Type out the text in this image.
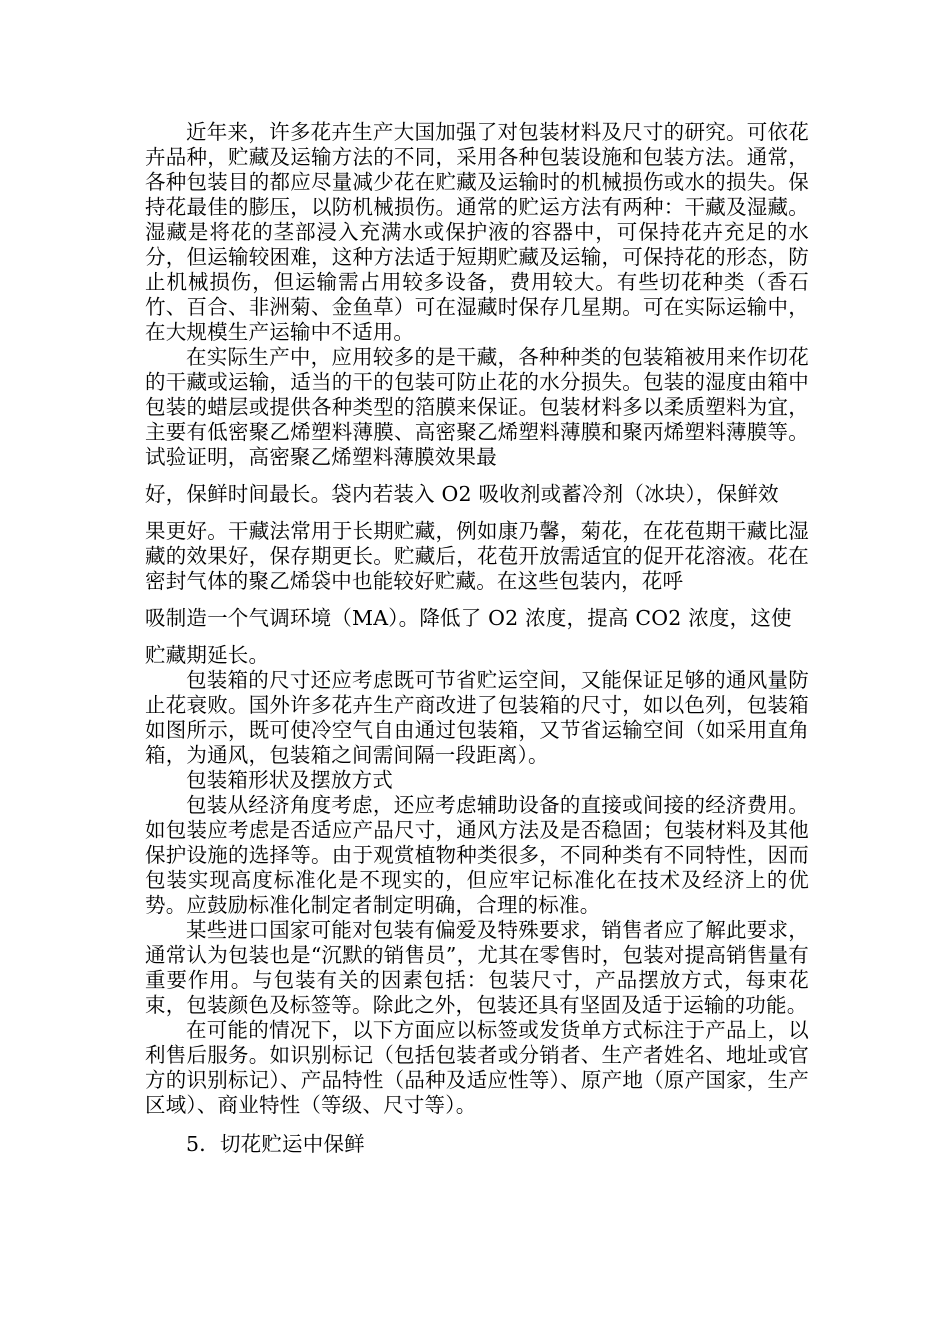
近年来，许多花卉生产大国加强了对包装材料及尺寸的研究。可依花卉品种，贮藏及运输方法的不同，采用各种包装设施和包装方法。通常，各种包装目的都应尽量减少花在贮藏及运输时的机械损伤或水的损失。保持花最佳的膨压，以防机械损伤。通常的贮运方法有两种：干藏及湿藏。湿藏是将花的茎部浸入充满水或保护液的容器中，可保持花卉充足的水分，但运输较困难，这种方法适于短期贮藏及运输，可保持花的形态，防止机械损伤，但运输需占用较多设备，费用较大。有些切花种类（香石竹、百合、非洲菊、金鱼草）可在湿藏时保存几星期。可在实际运输中，在大规模生产运输中不适用。

在实际生产中，应用较多的是干藏，各种种类的包装箱被用来作切花的干藏或运输，适当的干的包装可防止花的水分损失。包装的湿度由箱中包装的蜡层或提供各种类型的箔膜来保证。包装材料多以柔质塑料为宜，主要有低密聚乙烯塑料薄膜、高密聚乙烯塑料薄膜和聚丙烯塑料薄膜等。试验证明，高密聚乙烯塑料薄膜效果最

好，保鲜时间最长。袋内若装入 O2 吸收剂或蓄冷剂（冰块），保鲜效

果更好。干藏法常用于长期贮藏，例如康乃馨，菊花，在花苞期干藏比湿藏的效果好，保存期更长。贮藏后，花苞开放需适宜的促开花溶液。花在密封气体的聚乙烯袋中也能较好贮藏。在这些包装内，花呼

吸制造一个气调环境（MA）。降低了 O2 浓度，提高 CO2 浓度，这使

贮藏期延长。

包装箱的尺寸还应考虑既可节省贮运空间，又能保证足够的通风量防止花衰败。国外许多花卉生产商改进了包装箱的尺寸，如以色列，包装箱如图所示，既可使冷空气自由通过包装箱，又节省运输空间（如采用直角箱，为通风，包装箱之间需间隔一段距离）。

包装箱形状及摆放方式

包装从经济角度考虑，还应考虑辅助设备的直接或间接的经济费用。如包装应考虑是否适应产品尺寸，通风方法及是否稳固；包装材料及其他保护设施的选择等。由于观赏植物种类很多，不同种类有不同特性，因而包装实现高度标准化是不现实的，但应牢记标准化在技术及经济上的优势。应鼓励标准化制定者制定明确，合理的标准。

某些进口国家可能对包装有偏爱及特殊要求，销售者应了解此要求，通常认为包装也是“沉默的销售员”，尤其在零售时，包装对提高销售量有重要作用。与包装有关的因素包括：包装尺寸，产品摆放方式，每束花束，包装颜色及标签等。除此之外，包装还具有坚固及适于运输的功能。

在可能的情况下，以下方面应以标签或发货单方式标注于产品上，以利售后服务。如识别标记（包括包装者或分销者、生产者姓名、地址或官方的识别标记）、产品特性（品种及适应性等）、原产地（原产国家，生产区域）、商业特性（等级、尺寸等）。

5．切花贮运中保鲜
